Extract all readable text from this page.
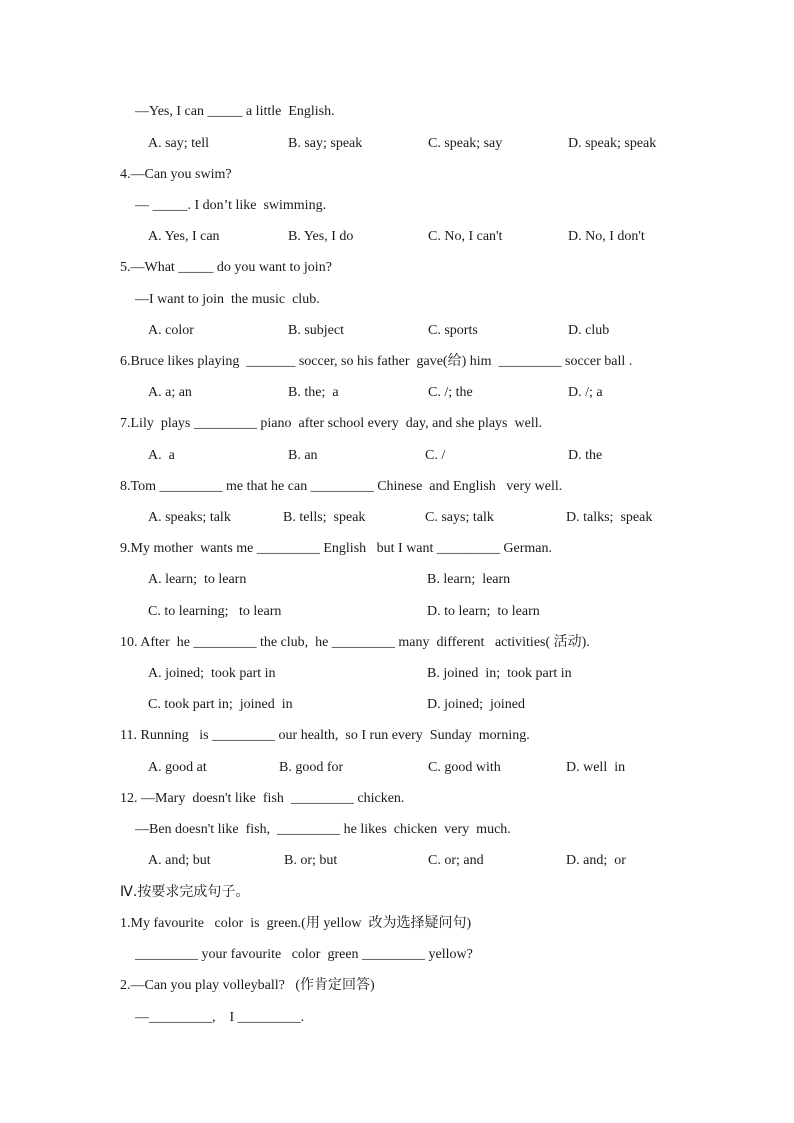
—Yes, I can _____ a little  English.
A. say; tell	B. say; speak	C. speak; say	D. speak; speak
4.—Can you swim?
— _____. I don’t like  swimming.
A. Yes, I can	B. Yes, I do	C. No, I can't	D. No, I don't
5.—What _____ do you want to join?
—I want to join  the music  club.
A. color	B. subject	C. sports	D. club
6.Bruce likes playing  _______ soccer, so his father  gave(给) him  _________ soccer ball .
A. a; an	B. the;  a	C. /; the	D. /; a
7.Lily  plays _________ piano  after school every  day, and she plays  well.
A.  a	B. an	C. /	D. the
8.Tom _________ me that he can _________ Chinese  and English   very well.
A. speaks; talk	B. tells;  speak	C. says; talk	D. talks;  speak
9.My mother  wants me _________ English   but I want _________ German.
A. learn;  to learn	B. learn;  learn
C. to learning;   to learn	D. to learn;  to learn
10. After  he _________ the club,  he _________ many  different   activities( 活动).
A. joined;  took part in	B. joined  in;  took part in
C. took part in;  joined  in	D. joined;  joined
11. Running   is _________ our health,  so I run every  Sunday  morning.
A. good at	B. good for	C. good with	D. well  in
12. —Mary  doesn't like  fish  _________ chicken.
—Ben doesn't like  fish,  _________ he likes  chicken  very  much.
A. and; but	B. or; but	C. or; and	D. and;  or
Ⅳ.按要求完成句子。
1.My favourite   color  is  green.(用 yellow  改为选择疑问句)
_________ your favourite   color  green _________ yellow?
2.—Can you play volleyball?   (作肯定回答)
—_________,    I _________.
